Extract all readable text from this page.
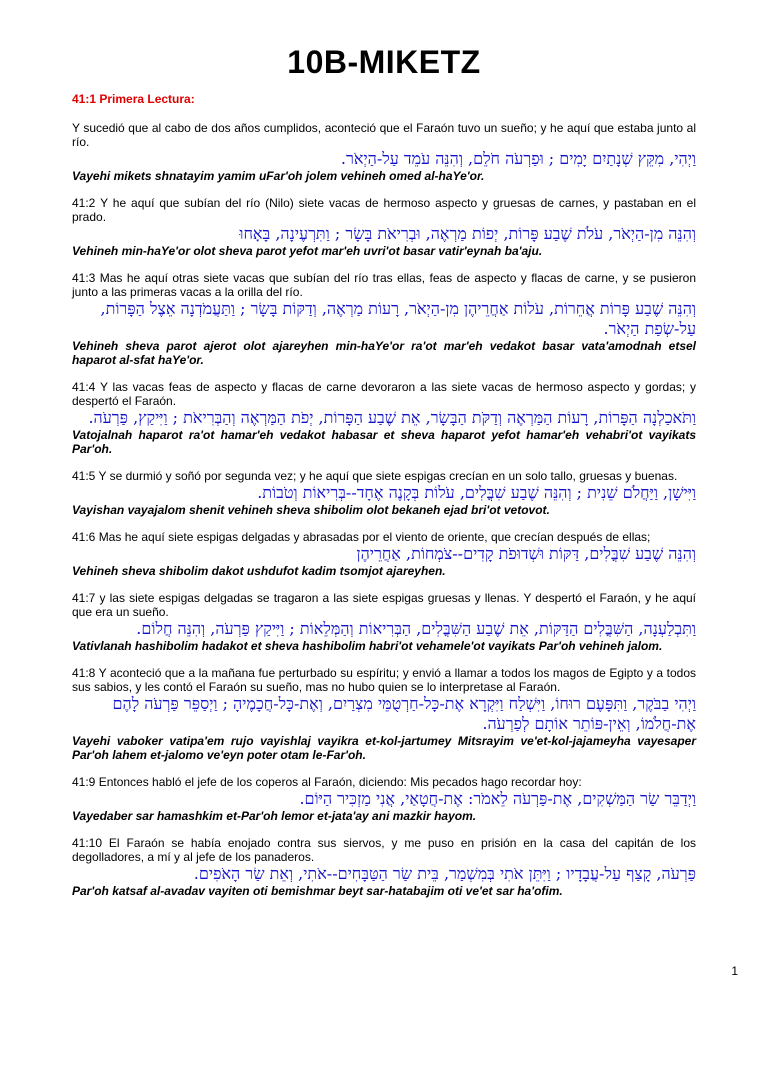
10B-MIKETZ
41:1 Primera Lectura:

Y sucedió que al cabo de dos años cumplidos, aconteció que el Faraón tuvo un sueño; y he aquí que estaba junto al río.

וַיְהִי, מִקֵּץ שְׁנָתַיִם יָמִים ; וּפַרְעֹה חֹלֵם, וְהִנֵּה עֹמֵד עַל-הַיְאֹר.

Vayehi mikets shnatayim yamim uFar'oh jolem vehineh omed al-haYe'or.

41:2 Y he aquí que subían del río (Nilo) siete vacas de hermoso aspecto y gruesas de carnes, y pastaban en el prado.

וְהִנֵּה מִן-הַיְאֹר, עֹלֹת שֶׁבַע פָּרוֹת, יְפוֹת מַרְאֶה, וּבְרִיאֹת בָּשָׂר ; וַתִּרְעֶינָה, בָּאָחוּ

Vehineh min-haYe'or olot sheva parot yefot mar'eh uvri'ot basar vatir'eynah ba'aju.

41:3 Mas he aquí otras siete vacas que subían del río tras ellas, feas de aspecto y flacas de carne, y se pusieron junto a las primeras vacas a la orilla del río.

וְהִנֵּה שֶׁבַע פָּרוֹת אֲחֵרוֹת, עֹלוֹת אַחֲרֵיהֶן מִן-הַיְאֹר, רָעוֹת מַרְאֶה, וְדַקּוֹת בָּשָׂר ; וַתַּעֲמֹדְנָה אֵצֶל הַפָּרוֹת, עַל-שְׂפַת הַיְאֹר.

Vehineh sheva parot ajerot olot ajareyhen min-haYe'or ra'ot mar'eh vedakot basar vata'amodnah etsel haparot al-sfat haYe'or.

41:4 Y las vacas feas de aspecto y flacas de carne devoraron a las siete vacas de hermoso aspecto y gordas; y despertó el Faraón.

וַתֹּאכַלְנָה הַפָּרוֹת, רָעוֹת הַמַּרְאֶה וְדַקֹּת הַבָּשָׂר, אֵת שֶׁבַע הַפָּרוֹת, יְפֹת הַמַּרְאֶה וְהַבְּרִיאֹת ; וַיִּיקַץ, פַּרְעֹה.

Vatojalnah haparot ra'ot hamar'eh vedakot habasar et sheva haparot yefot hamar'eh vehabri'ot vayikats Par'oh.

41:5 Y se durmió y soñó por segunda vez; y he aquí que siete espigas crecían en un solo tallo, gruesas y buenas.

וַיִּישָׁן, וַיַּחֲלֹם שֵׁנִית ; וְהִנֵּה שֶׁבַע שִׁבֳּלִים, עֹלוֹת בְּקָנֶה אֶחָד--בְּרִיאוֹת וְטֹבוֹת.

Vayishan vayajalom shenit vehineh sheva shibolim olot bekaneh ejad bri'ot vetovot.

41:6 Mas he aquí siete espigas delgadas y abrasadas por el viento de oriente, que crecían después de ellas;

וְהִנֵּה שֶׁבַע שִׁבֳּלִים, דַּקּוֹת וּשְׁדוּפֹת קָדִים--צֹמְחוֹת, אַחֲרֵיהֶן

Vehineh sheva shibolim dakot ushdufot kadim tsomjot ajareyhen.

41:7 y las siete espigas delgadas se tragaron a las siete espigas gruesas y llenas. Y despertó el Faraón, y he aquí que era un sueño.

וַתִּבְלַעְנָה, הַשִּׁבֳּלִים הַדַּקּוֹת, אֵת שֶׁבַע הַשִּׁבֳּלִים, הַבְּרִיאוֹת וְהַמְּלֵאוֹת ; וַיִּיקַץ פַּרְעֹה, וְהִנֵּה חֲלוֹם.

Vativlanah hashibolim hadakot et sheva hashibolim habri'ot vehamele'ot vayikats Par'oh vehineh jalom.

41:8 Y aconteció que a la mañana fue perturbado su espíritu; y envió a llamar a todos los magos de Egipto y a todos sus sabios, y les contó el Faraón su sueño, mas no hubo quien se lo interpretase al Faraón.

וַיְהִי בַבֹּקֶר, וַתִּפָּעֶם רוּחוֹ, וַיִּשְׁלַח וַיִּקְרָא אֶת-כָּל-חַרְטֻמֵּי מִצְרַיִם, וְאֶת-כָּל-חֲכָמֶיהָ ; וַיְסַפֵּר פַּרְעֹה לָהֶם אֶת-חֲלֹמוֹ, וְאֵין-פּוֹתֵר אוֹתָם לְפַרְעֹה.

Vayehi vaboker vatipa'em rujo vayishlaj vayikra et-kol-jartumey Mitsrayim ve'et-kol-jajameyha vayesaper Par'oh lahem et-jalomo ve'eyn poter otam le-Far'oh.

41:9 Entonces habló el jefe de los coperos al Faraón, diciendo: Mis pecados hago recordar hoy:

וַיְדַבֵּר שַׂר הַמַּשְׁקִים, אֶת-פַּרְעֹה לֵאמֹר: אֶת-חֲטָאַי, אֲנִי מַזְכִּיר הַיּוֹם.

Vayedaber sar hamashkim et-Par'oh lemor et-jata'ay ani mazkir hayom.

41:10 El Faraón se había enojado contra sus siervos, y me puso en prisión en la casa del capitán de los degolladores, a mí y al jefe de los panaderos.

פַּרְעֹה, קָצַף עַל-עֲבָדָיו ; וַיִּתֵּן אֹתִי בְּמִשְׁמַר, בֵּית שַׂר הַטַּבָּחִים--אֹתִי, וְאֵת שַׂר הָאֹפִים.

Par'oh katsaf al-avadav vayiten oti bemishmar beyt sar-hatabajim oti ve'et sar ha'ofim.

1
